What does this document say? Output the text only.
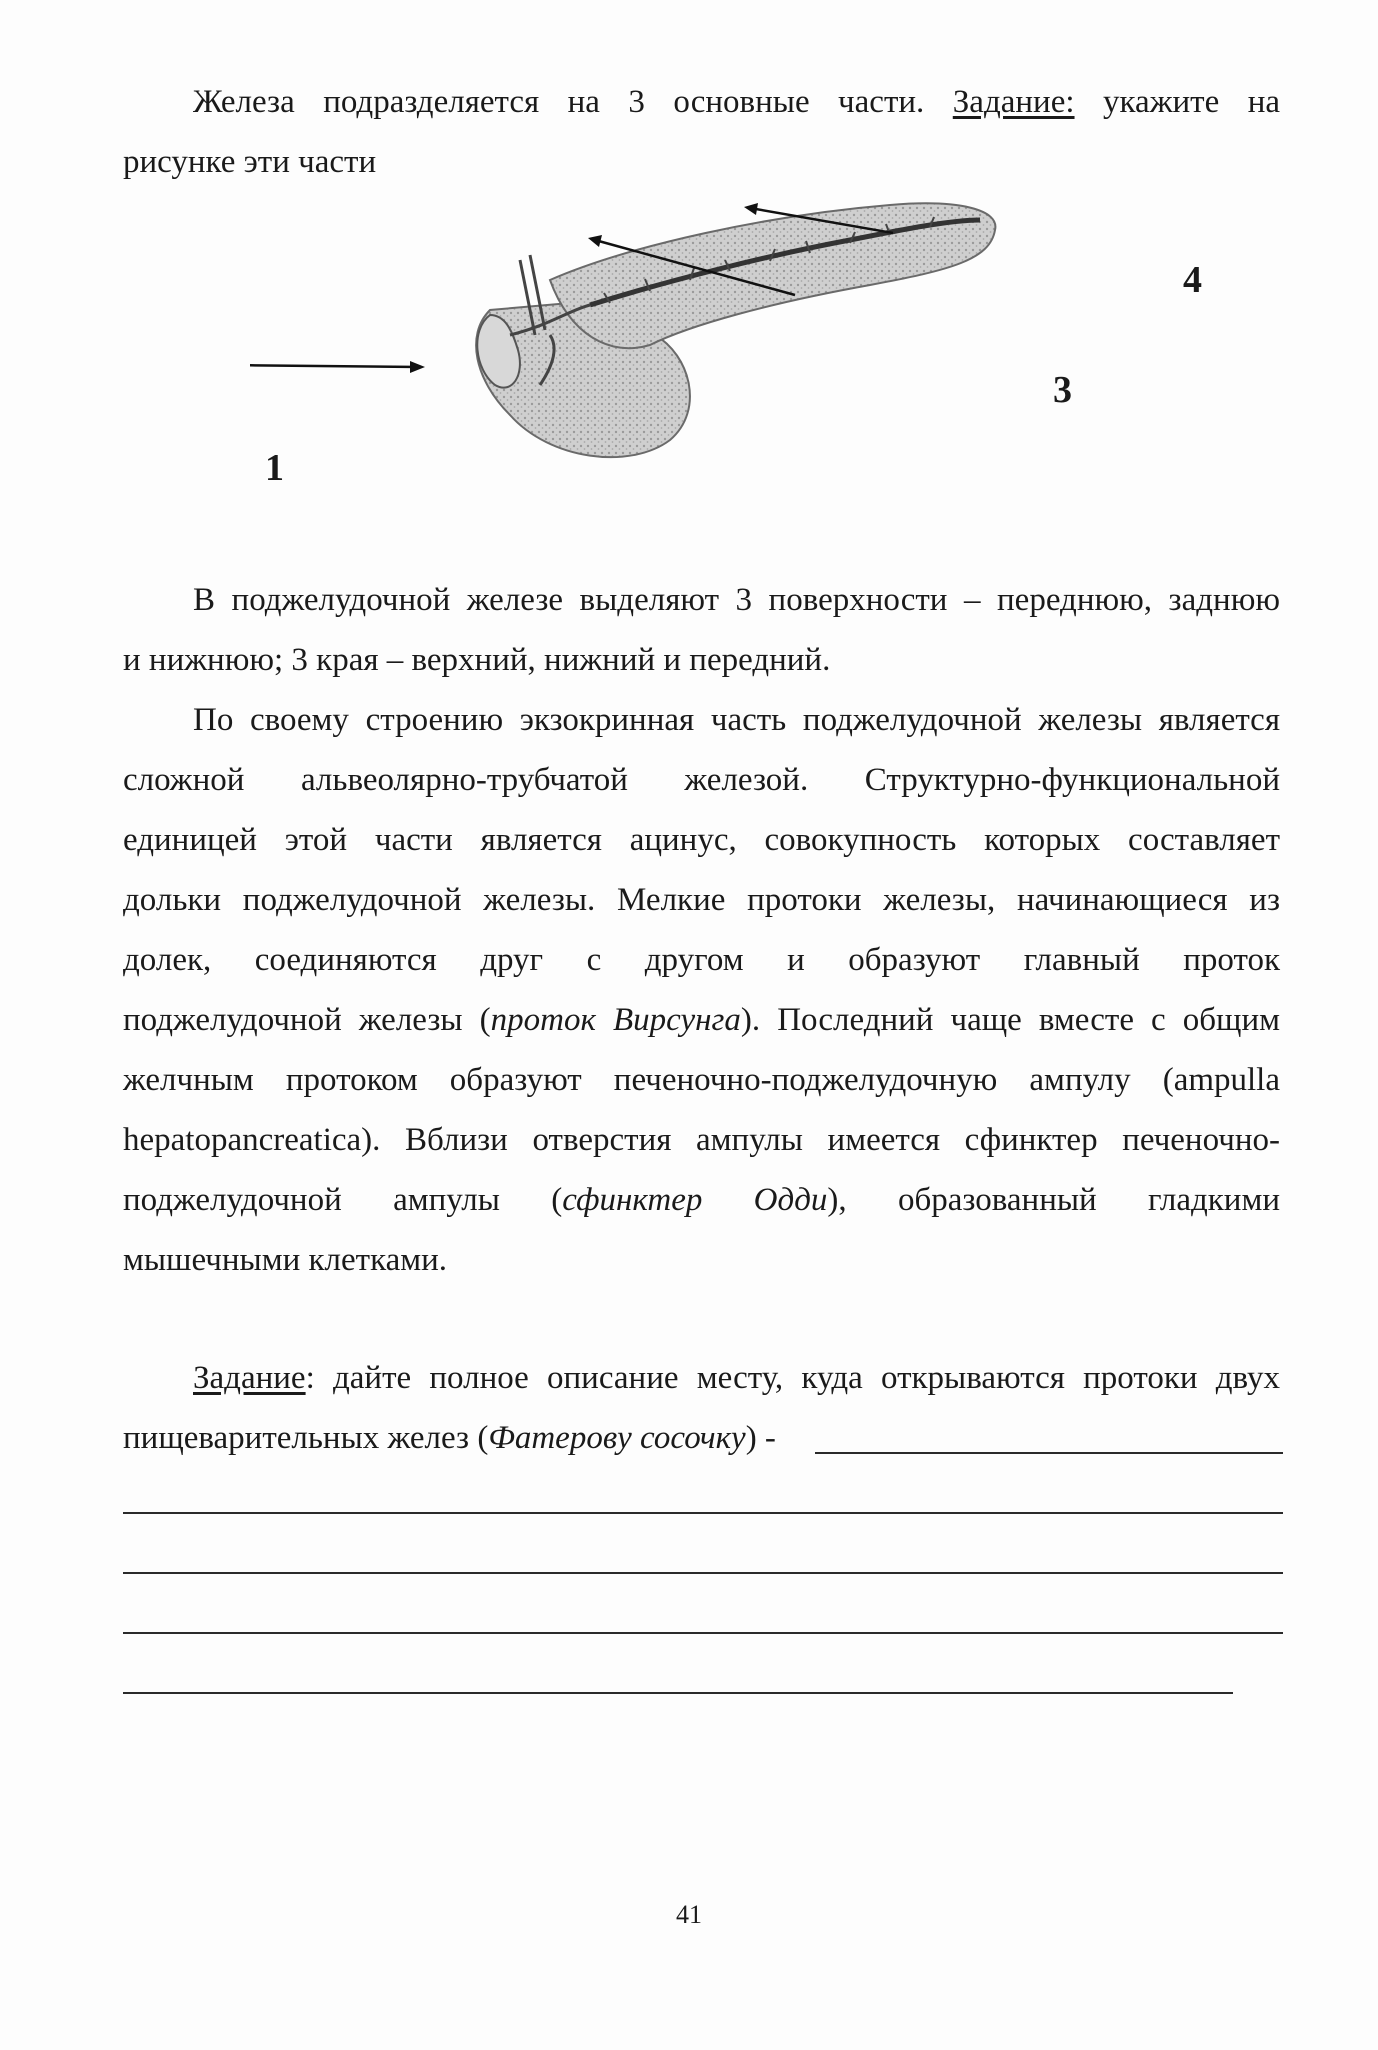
Железа подразделяется на 3 основные части. Задание: укажите на
рисунке эти части
1
3
4
В поджелудочной железе выделяют 3 поверхности – переднюю, заднюю
и нижнюю; 3 края – верхний, нижний и передний.
По своему строению экзокринная часть поджелудочной железы является
сложной альвеолярно-трубчатой железой. Структурно-функциональной
единицей этой части является ацинус, совокупность которых составляет
дольки поджелудочной железы. Мелкие протоки железы, начинающиеся из
долек, соединяются друг с другом и образуют главный проток
поджелудочной железы (проток Вирсунга). Последний чаще вместе с общим
желчным протоком образуют печеночно-поджелудочную ампулу (ampulla
hepatopancreatica). Вблизи отверстия ампулы имеется сфинктер печеночно-
поджелудочной ампулы (сфинктер Одди), образованный гладкими
мышечными клетками.
Задание: дайте полное описание месту, куда открываются протоки двух
пищеварительных желез (Фатерову сосочку) -
41
